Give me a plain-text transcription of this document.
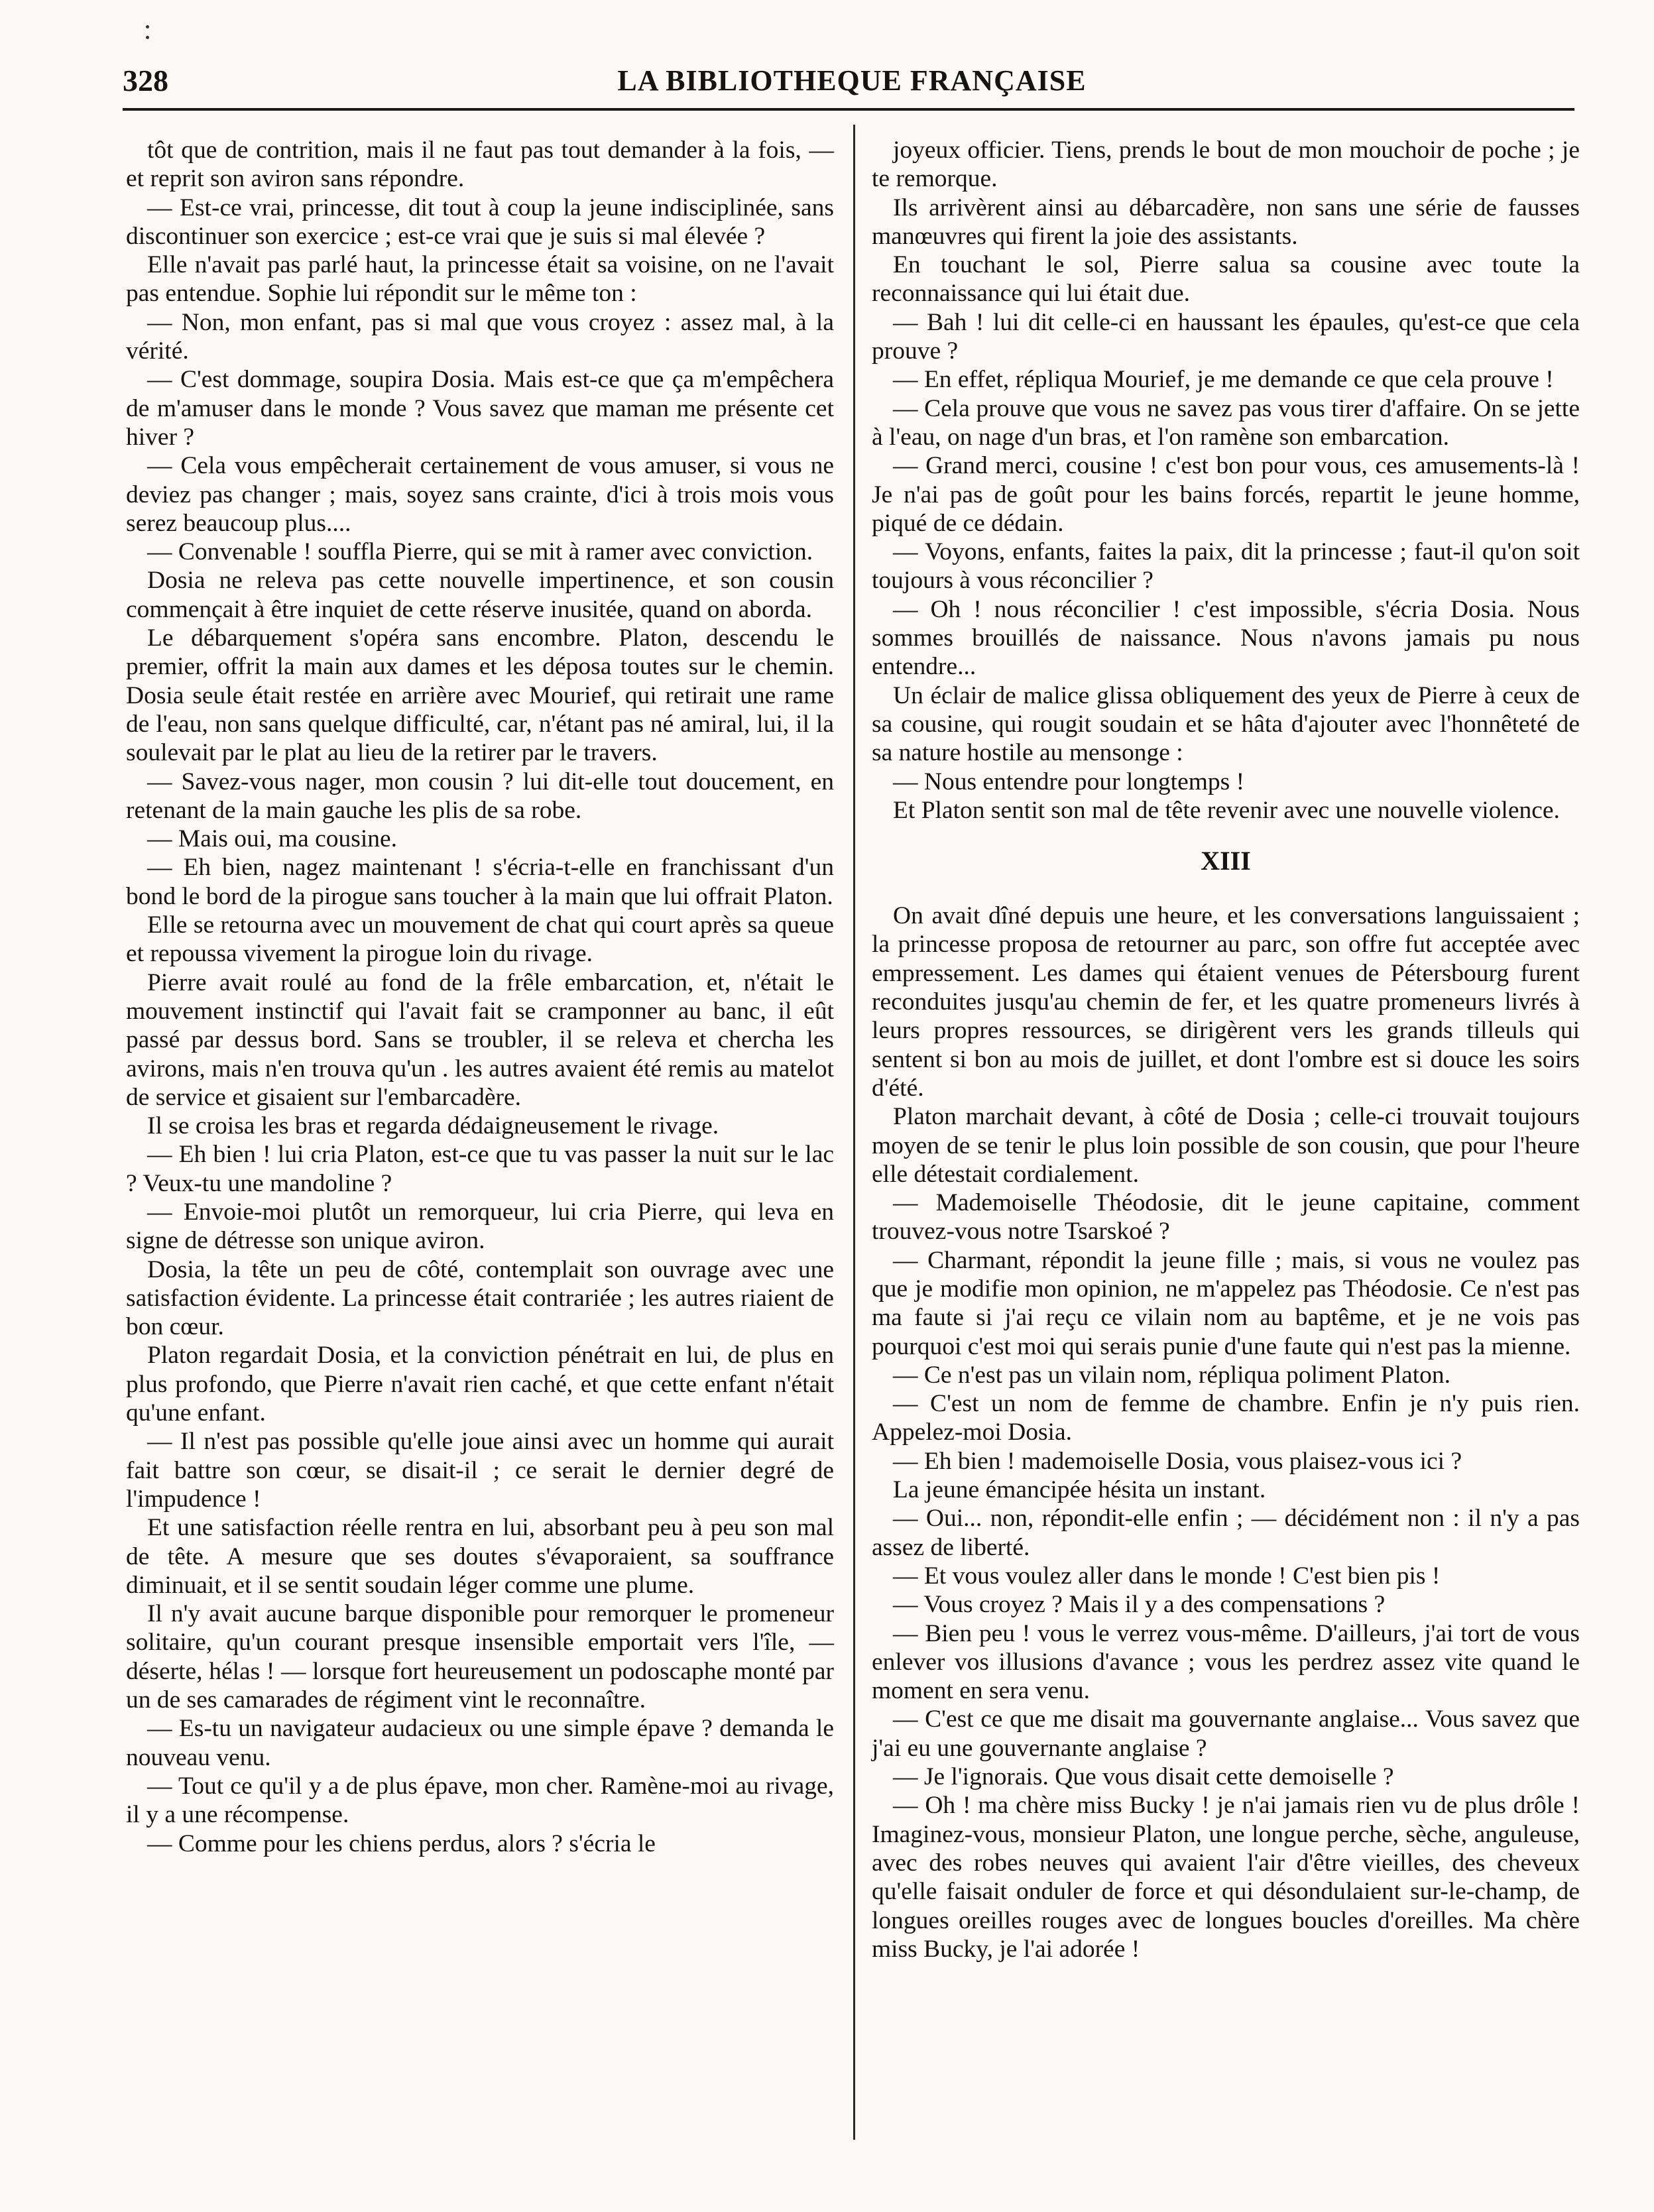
328	LA BIBLIOTHEQUE FRANÇAISE

tôt que de contrition, mais il ne faut pas tout demander à la fois, — et reprit son aviron sans répondre.

— Est-ce vrai, princesse, dit tout à coup la jeune indisciplinée, sans discontinuer son exercice ; est-ce vrai que je suis si mal élevée ?

Elle n'avait pas parlé haut, la princesse était sa voisine, on ne l'avait pas entendue. Sophie lui répondit sur le même ton :

— Non, mon enfant, pas si mal que vous croyez : assez mal, à la vérité.

— C'est dommage, soupira Dosia. Mais est-ce que ça m'empêchera de m'amuser dans le monde ? Vous savez que maman me présente cet hiver ?

— Cela vous empêcherait certainement de vous amuser, si vous ne deviez pas changer ; mais, soyez sans crainte, d'ici à trois mois vous serez beaucoup plus....

— Convenable ! souffla Pierre, qui se mit à ramer avec conviction.

Dosia ne releva pas cette nouvelle impertinence, et son cousin commençait à être inquiet de cette réserve inusitée, quand on aborda.

Le débarquement s'opéra sans encombre. Platon, descendu le premier, offrit la main aux dames et les déposa toutes sur le chemin. Dosia seule était restée en arrière avec Mourief, qui retirait une rame de l'eau, non sans quelque difficulté, car, n'étant pas né amiral, lui, il la soulevait par le plat au lieu de la retirer par le travers.

— Savez-vous nager, mon cousin ? lui dit-elle tout doucement, en retenant de la main gauche les plis de sa robe.

— Mais oui, ma cousine.

— Eh bien, nagez maintenant ! s'écria-t-elle en franchissant d'un bond le bord de la pirogue sans toucher à la main que lui offrait Platon.

Elle se retourna avec un mouvement de chat qui court après sa queue et repoussa vivement la pirogue loin du rivage.

Pierre avait roulé au fond de la frêle embarcation, et, n'était le mouvement instinctif qui l'avait fait se cramponner au banc, il eût passé par dessus bord. Sans se troubler, il se releva et chercha les avirons, mais n'en trouva qu'un . les autres avaient été remis au matelot de service et gisaient sur l'embarcadère.

Il se croisa les bras et regarda dédaigneusement le rivage.

— Eh bien ! lui cria Platon, est-ce que tu vas passer la nuit sur le lac ? Veux-tu une mandoline ?

— Envoie-moi plutôt un remorqueur, lui cria Pierre, qui leva en signe de détresse son unique aviron.

Dosia, la tête un peu de côté, contemplait son ouvrage avec une satisfaction évidente. La princesse était contrariée ; les autres riaient de bon cœur.

Platon regardait Dosia, et la conviction pénétrait en lui, de plus en plus profondo, que Pierre n'avait rien caché, et que cette enfant n'était qu'une enfant.

— Il n'est pas possible qu'elle joue ainsi avec un homme qui aurait fait battre son cœur, se disait-il ; ce serait le dernier degré de l'impudence !

Et une satisfaction réelle rentra en lui, absorbant peu à peu son mal de tête. A mesure que ses doutes s'évaporaient, sa souffrance diminuait, et il se sentit soudain léger comme une plume.

Il n'y avait aucune barque disponible pour remorquer le promeneur solitaire, qu'un courant presque insensible emportait vers l'île, — déserte, hélas ! — lorsque fort heureusement un podoscaphe monté par un de ses camarades de régiment vint le reconnaître.

— Es-tu un navigateur audacieux ou une simple épave ? demanda le nouveau venu.

— Tout ce qu'il y a de plus épave, mon cher. Ramène-moi au rivage, il y a une récompense.

— Comme pour les chiens perdus, alors ? s'écria le

joyeux officier. Tiens, prends le bout de mon mouchoir de poche ; je te remorque.

Ils arrivèrent ainsi au débarcadère, non sans une série de fausses manœuvres qui firent la joie des assistants.

En touchant le sol, Pierre salua sa cousine avec toute la reconnaissance qui lui était due.

— Bah ! lui dit celle-ci en haussant les épaules, qu'est-ce que cela prouve ?

— En effet, répliqua Mourief, je me demande ce que cela prouve !

— Cela prouve que vous ne savez pas vous tirer d'affaire. On se jette à l'eau, on nage d'un bras, et l'on ramène son embarcation.

— Grand merci, cousine ! c'est bon pour vous, ces amusements-là ! Je n'ai pas de goût pour les bains forcés, repartit le jeune homme, piqué de ce dédain.

— Voyons, enfants, faites la paix, dit la princesse ; faut-il qu'on soit toujours à vous réconcilier ?

— Oh ! nous réconcilier ! c'est impossible, s'écria Dosia. Nous sommes brouillés de naissance. Nous n'avons jamais pu nous entendre...

Un éclair de malice glissa obliquement des yeux de Pierre à ceux de sa cousine, qui rougit soudain et se hâta d'ajouter avec l'honnêteté de sa nature hostile au mensonge :

— Nous entendre pour longtemps !

Et Platon sentit son mal de tête revenir avec une nouvelle violence.

XIII

On avait dîné depuis une heure, et les conversations languissaient ; la princesse proposa de retourner au parc, son offre fut acceptée avec empressement. Les dames qui étaient venues de Pétersbourg furent reconduites jusqu'au chemin de fer, et les quatre promeneurs livrés à leurs propres ressources, se dirigèrent vers les grands tilleuls qui sentent si bon au mois de juillet, et dont l'ombre est si douce les soirs d'été.

Platon marchait devant, à côté de Dosia ; celle-ci trouvait toujours moyen de se tenir le plus loin possible de son cousin, que pour l'heure elle détestait cordialement.

— Mademoiselle Théodosie, dit le jeune capitaine, comment trouvez-vous notre Tsarskoé ?

— Charmant, répondit la jeune fille ; mais, si vous ne voulez pas que je modifie mon opinion, ne m'appelez pas Théodosie. Ce n'est pas ma faute si j'ai reçu ce vilain nom au baptême, et je ne vois pas pourquoi c'est moi qui serais punie d'une faute qui n'est pas la mienne.

— Ce n'est pas un vilain nom, répliqua poliment Platon.

— C'est un nom de femme de chambre. Enfin je n'y puis rien. Appelez-moi Dosia.

— Eh bien ! mademoiselle Dosia, vous plaisez-vous ici ?

La jeune émancipée hésita un instant.

— Oui... non, répondit-elle enfin ; — décidément non : il n'y a pas assez de liberté.

— Et vous voulez aller dans le monde ! C'est bien pis !

— Vous croyez ? Mais il y a des compensations ?

— Bien peu ! vous le verrez vous-même. D'ailleurs, j'ai tort de vous enlever vos illusions d'avance ; vous les perdrez assez vite quand le moment en sera venu.

— C'est ce que me disait ma gouvernante anglaise... Vous savez que j'ai eu une gouvernante anglaise ?

— Je l'ignorais. Que vous disait cette demoiselle ?

— Oh ! ma chère miss Bucky ! je n'ai jamais rien vu de plus drôle ! Imaginez-vous, monsieur Platon, une longue perche, sèche, anguleuse, avec des robes neuves qui avaient l'air d'être vieilles, des cheveux qu'elle faisait onduler de force et qui désondulaient sur-le-champ, de longues oreilles rouges avec de longues boucles d'oreilles. Ma chère miss Bucky, je l'ai adorée !
